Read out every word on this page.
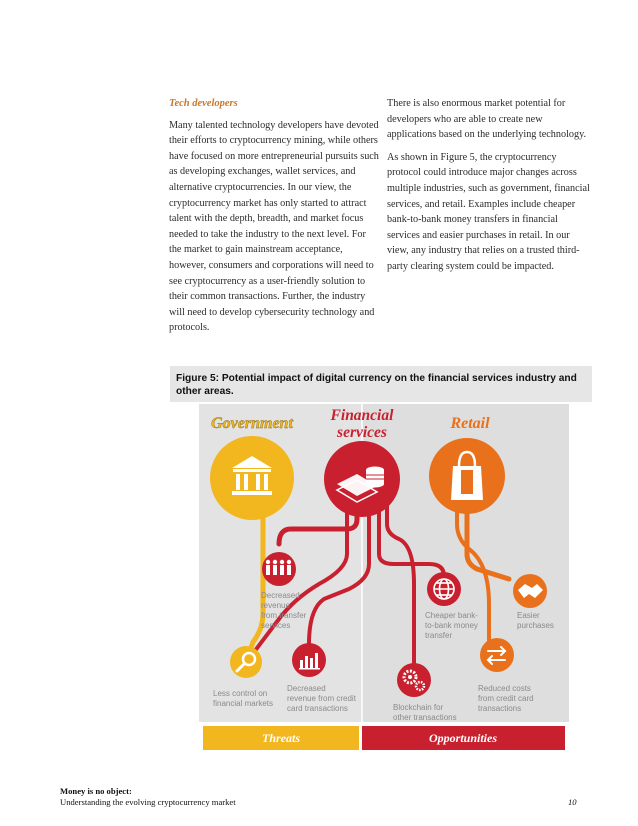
Tech developers

Many talented technology developers have devoted their efforts to cryptocurrency mining, while others have focused on more entrepreneurial pursuits such as developing exchanges, wallet services, and alternative cryptocurrencies. In our view, the cryptocurrency market has only started to attract talent with the depth, breadth, and market focus needed to take the industry to the next level. For the market to gain mainstream acceptance, however, consumers and corporations will need to see cryptocurrency as a user-friendly solution to their common transactions. Further, the industry will need to develop cybersecurity technology and protocols.

There is also enormous market potential for developers who are able to create new applications based on the underlying technology.

As shown in Figure 5, the cryptocurrency protocol could introduce major changes across multiple industries, such as government, financial services, and retail. Examples include cheaper bank-to-bank money transfers in financial services and easier purchases in retail. In our view, any industry that relies on a trusted third-party clearing system could be impacted.

Figure 5: Potential impact of digital currency on the financial services industry and other areas.
Government Financial
services
Retail
Decreased
revenue
from transfer
services
Less control on
financial markets
Decreased
revenue from credit
card transactions
Cheaper bank-
to-bank money
transfer
Easier
purchases
Blockchain for
other transactions
Reduced costs
from credit card
transactions
Threats	Opportunities
Money is no object:
Understanding the evolving cryptocurrency market	10
